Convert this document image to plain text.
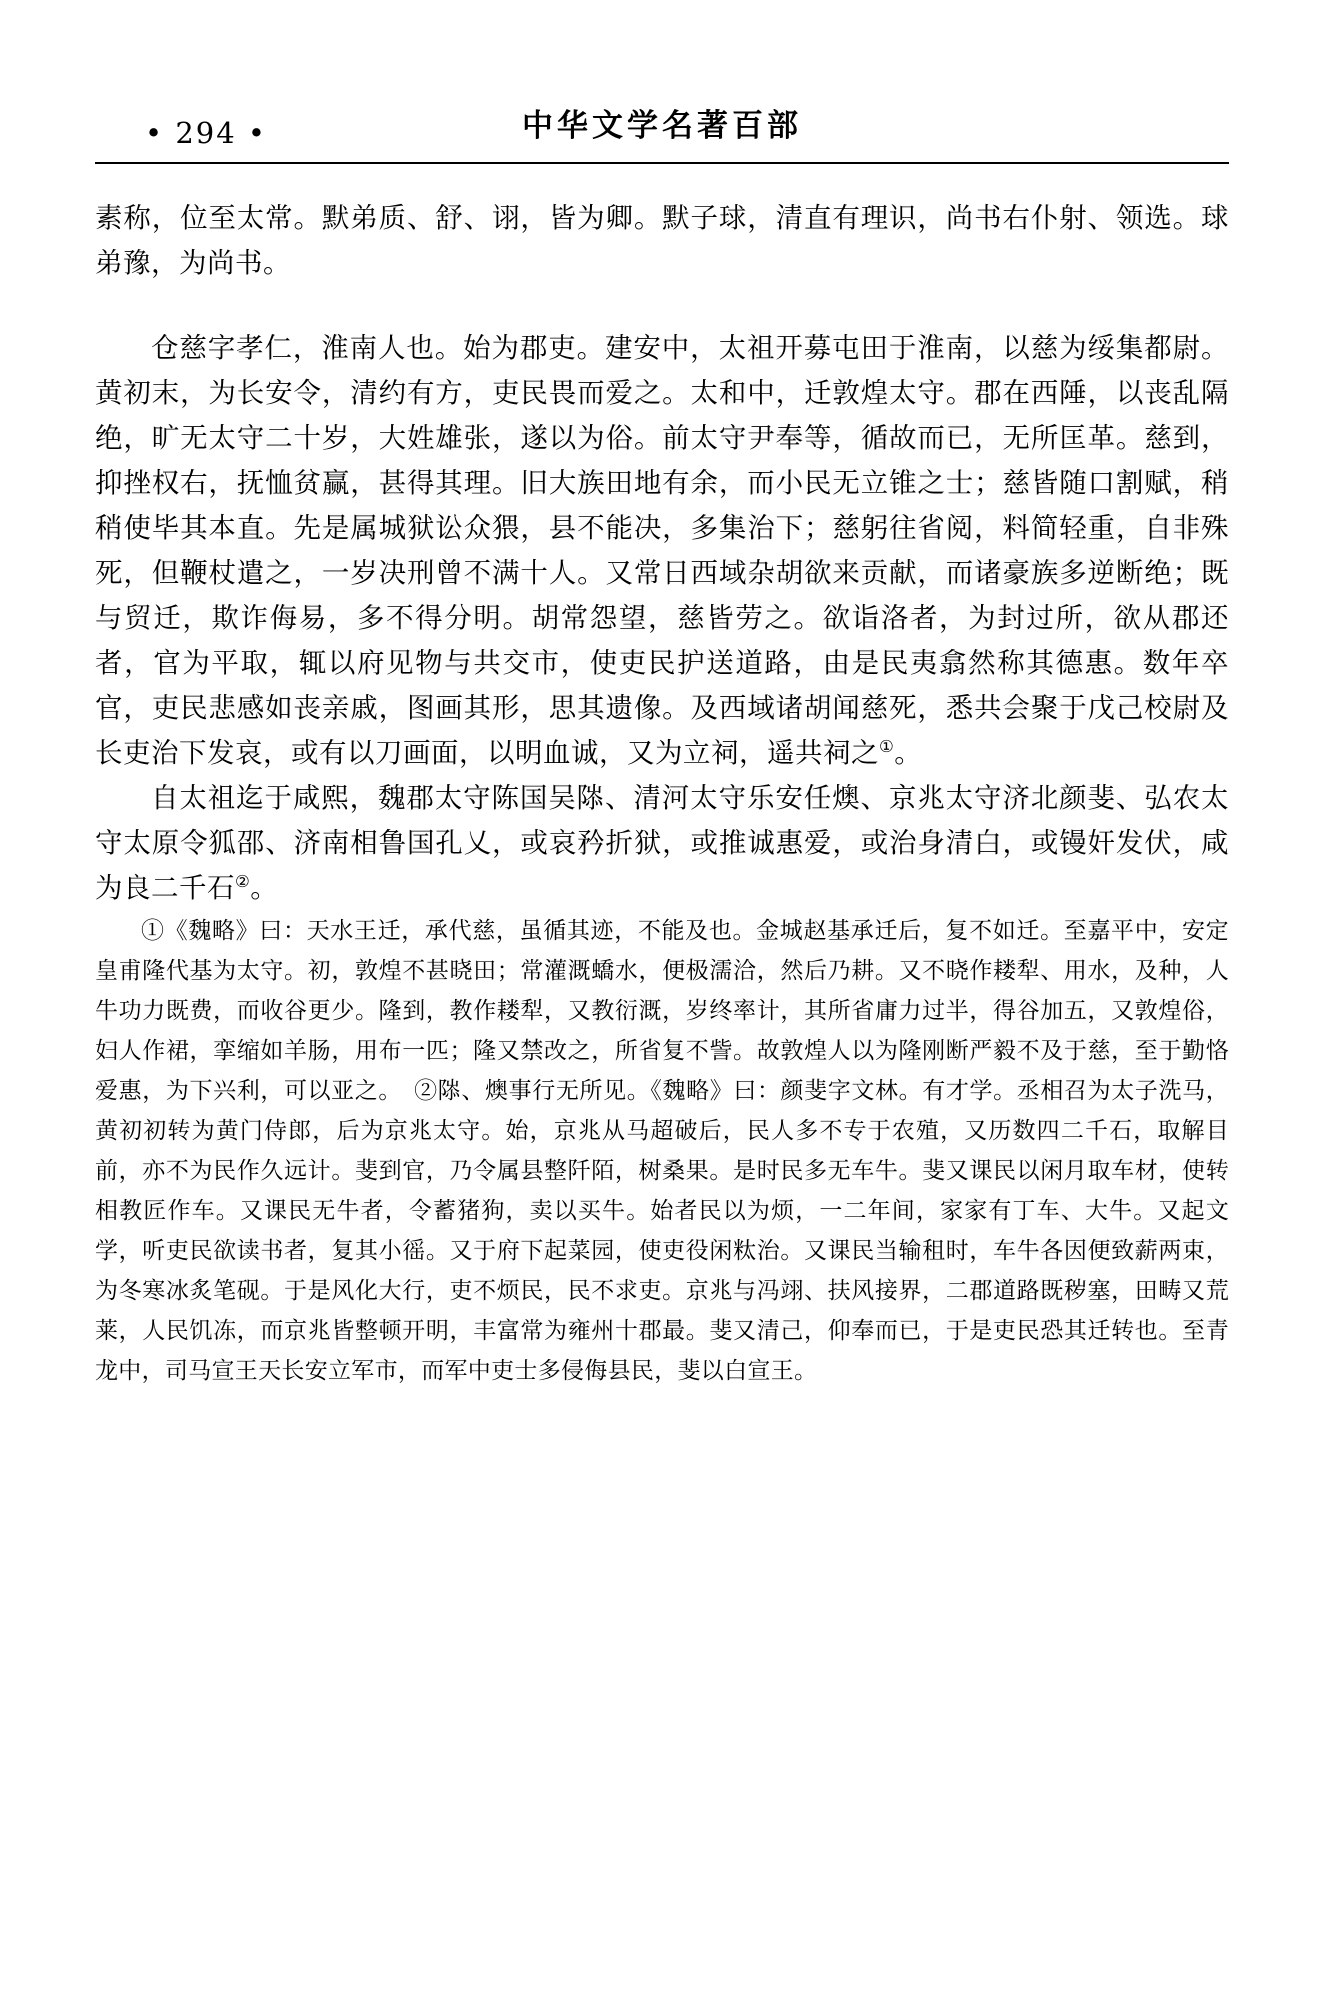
• 294 •	中华文学名著百部

素称，位至太常。默弟质、舒、诩，皆为卿。默子球，清直有理识，尚书右仆射、领选。球弟豫，为尚书。

仓慈字孝仁，淮南人也。始为郡吏。建安中，太祖开募屯田于淮南，以慈为绥集都尉。黄初末，为长安令，清约有方，吏民畏而爱之。太和中，迁敦煌太守。郡在西陲，以丧乱隔绝，旷无太守二十岁，大姓雄张，遂以为俗。前太守尹奉等，循故而已，无所匡革。慈到，抑挫权右，抚恤贫赢，甚得其理。旧大族田地有余，而小民无立锥之士；慈皆随口割赋，稍稍使毕其本直。先是属城狱讼众猥，县不能决，多集治下；慈躬往省阅，料简轻重，自非殊死，但鞭杖遣之，一岁决刑曾不满十人。又常日西域杂胡欲来贡献，而诸豪族多逆断绝；既与贸迁，欺诈侮易，多不得分明。胡常怨望，慈皆劳之。欲诣洛者，为封过所，欲从郡还者，官为平取，辄以府见物与共交市，使吏民护送道路，由是民夷翕然称其德惠。数年卒官，吏民悲感如丧亲戚，图画其形，思其遗像。及西域诸胡闻慈死，悉共会聚于戊己校尉及长吏治下发哀，或有以刀画面，以明血诚，又为立祠，遥共祠之①。

自太祖迄于咸熙，魏郡太守陈国吴䧙、清河太守乐安任燠、京兆太守济北颜斐、弘农太守太原令狐邵、济南相鲁国孔乂，或哀矜折狱，或推诚惠爱，或治身清白，或镘奸发伏，咸为良二千石②。

①《魏略》曰：天水王迁，承代慈，虽循其迹，不能及也。金城赵基承迁后，复不如迁。至嘉平中，安定皇甫隆代基为太守。初，敦煌不甚晓田；常灌溉蟜水，便极濡洽，然后乃耕。又不晓作耧犁、用水，及种，人牛功力既费，而收谷更少。隆到，教作耧犁，又教衍溉，岁终率计，其所省庸力过半，得谷加五，又敦煌俗，妇人作裙，挛缩如羊肠，用布一匹；隆又禁改之，所省复不訾。故敦煌人以为隆刚断严毅不及于慈，至于勤恪爱惠，为下兴利，可以亚之。　②䧙、燠事行无所见。《魏略》曰：颜斐字文林。有才学。丞相召为太子洗马，黄初初转为黄门侍郎，后为京兆太守。始，京兆从马超破后，民人多不专于农殖，又历数四二千石，取解目前，亦不为民作久远计。斐到官，乃令属县整阡陌，树桑果。是时民多无车牛。斐又课民以闲月取车材，使转相教匠作车。又课民无牛者，令蓄猪狗，卖以买牛。始者民以为烦，一二年间，家家有丁车、大牛。又起文学，听吏民欲读书者，复其小徭。又于府下起菜园，使吏役闲粏治。又课民当输租时，车牛各因便致薪两束，为冬寒冰炙笔砚。于是风化大行，吏不烦民，民不求吏。京兆与冯翊、扶风接界，二郡道路既秽塞，田畴又荒莱，人民饥冻，而京兆皆整顿开明，丰富常为雍州十郡最。斐又清己，仰奉而已，于是吏民恐其迁转也。至青龙中，司马宣王天长安立军市，而军中吏士多侵侮县民，斐以白宣王。
